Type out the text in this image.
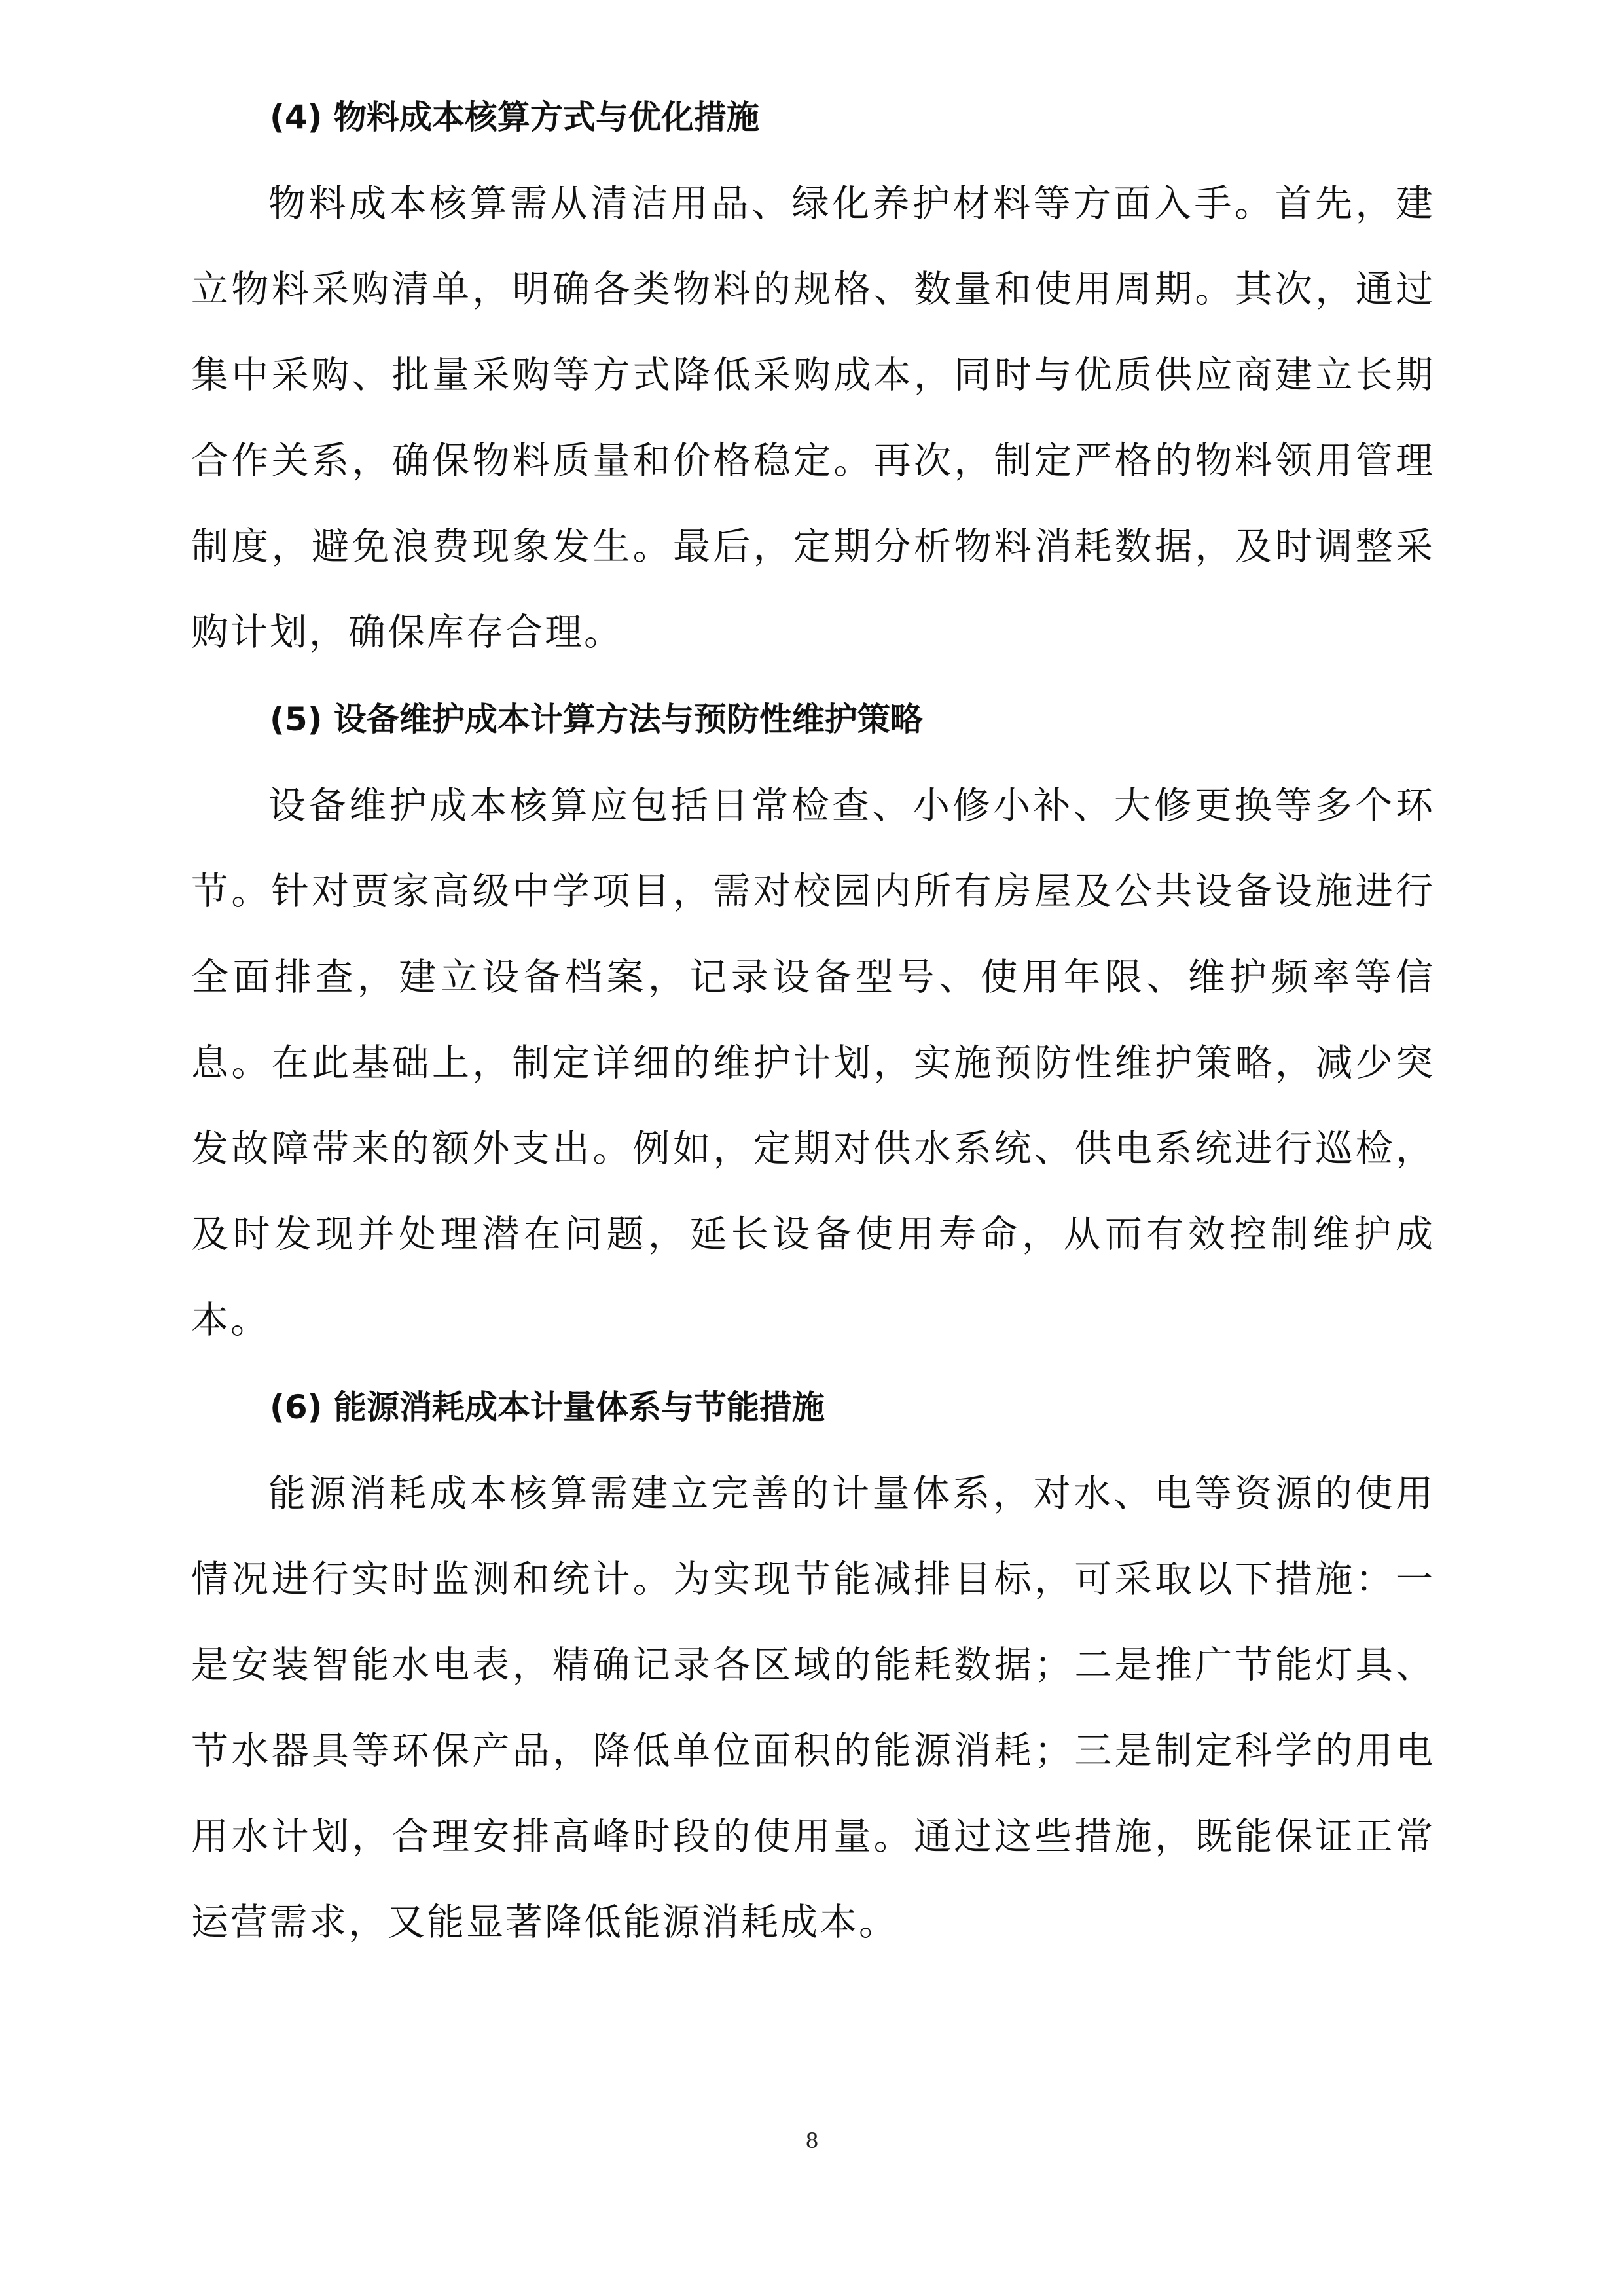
(4) 物料成本核算方式与优化措施

物料成本核算需从清洁用品、绿化养护材料等方面入手。首先，建立物料采购清单，明确各类物料的规格、数量和使用周期。其次，通过集中采购、批量采购等方式降低采购成本，同时与优质供应商建立长期合作关系，确保物料质量和价格稳定。再次，制定严格的物料领用管理制度，避免浪费现象发生。最后，定期分析物料消耗数据，及时调整采购计划，确保库存合理。

(5) 设备维护成本计算方法与预防性维护策略

设备维护成本核算应包括日常检查、小修小补、大修更换等多个环节。针对贾家高级中学项目，需对校园内所有房屋及公共设备设施进行全面排查，建立设备档案，记录设备型号、使用年限、维护频率等信息。在此基础上，制定详细的维护计划，实施预防性维护策略，减少突发故障带来的额外支出。例如，定期对供水系统、供电系统进行巡检，及时发现并处理潜在问题，延长设备使用寿命，从而有效控制维护成本。

(6) 能源消耗成本计量体系与节能措施

能源消耗成本核算需建立完善的计量体系，对水、电等资源的使用情况进行实时监测和统计。为实现节能减排目标，可采取以下措施：一是安装智能水电表，精确记录各区域的能耗数据；二是推广节能灯具、节水器具等环保产品，降低单位面积的能源消耗；三是制定科学的用电用水计划，合理安排高峰时段的使用量。通过这些措施，既能保证正常运营需求，又能显著降低能源消耗成本。

8
